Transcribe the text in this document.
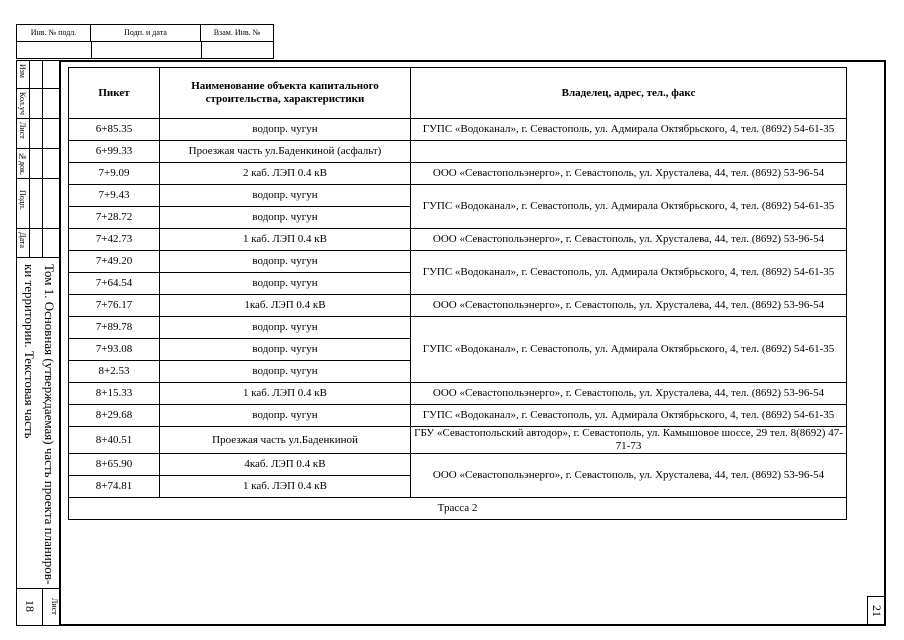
Инв. № подл.	Подп. и дата	Взам. Инв. №
Изм
Кол.уч
Лист
№док.
Подп.
Дата
Том 1. Основная (утверждаемая) часть проекта планиров-ки территории. Текстовая часть
Лист
18	21
Пикет	Наименование объекта капитального строительства, характеристики	Владелец, адрес, тел., факс
6+85.35	водопр. чугун	ГУПС «Водоканал», г. Севастополь, ул. Адмирала Октябрьского, 4, тел. (8692) 54-61-35
6+99.33	Проезжая часть ул.Баденкиной (асфальт)	
7+9.09	2 каб. ЛЭП 0.4 кВ	ООО «Севастопольэнерго», г. Севастополь, ул. Хрусталева, 44, тел. (8692) 53-96-54
7+9.43	водопр. чугун	ГУПС «Водоканал», г. Севастополь, ул. Адмирала Октябрьского, 4, тел. (8692) 54-61-35
7+28.72	водопр. чугун	
7+42.73	1 каб. ЛЭП 0.4 кВ	ООО «Севастопольэнерго», г. Севастополь, ул. Хрусталева, 44, тел. (8692) 53-96-54
7+49.20	водопр. чугун	ГУПС «Водоканал», г. Севастополь, ул. Адмирала Октябрьского, 4, тел. (8692) 54-61-35
7+64.54	водопр. чугун	
7+76.17	1каб. ЛЭП 0.4 кВ	ООО «Севастопольэнерго», г. Севастополь, ул. Хрусталева, 44, тел. (8692) 53-96-54
7+89.78	водопр. чугун	ГУПС «Водоканал», г. Севастополь, ул. Адмирала Октябрьского, 4, тел. (8692) 54-61-35
7+93.08	водопр. чугун	
8+2.53	водопр. чугун	
8+15.33	1 каб. ЛЭП 0.4 кВ	ООО «Севастопольэнерго», г. Севастополь, ул. Хрусталева, 44, тел. (8692) 53-96-54
8+29.68	водопр. чугун	ГУПС «Водоканал», г. Севастополь, ул. Адмирала Октябрьского, 4, тел. (8692) 54-61-35
8+40.51	Проезжая часть ул.Баденкиной	ГБУ «Севастопольский автодор», г. Севастополь, ул. Камышовое шоссе, 29 тел. 8(8692) 47-71-73
8+65.90	4каб. ЛЭП 0.4 кВ	ООО «Севастопольэнерго», г. Севастополь, ул. Хрусталева, 44, тел. (8692) 53-96-54
8+74.81	1 каб. ЛЭП 0.4 кВ	
Трасса 2		
